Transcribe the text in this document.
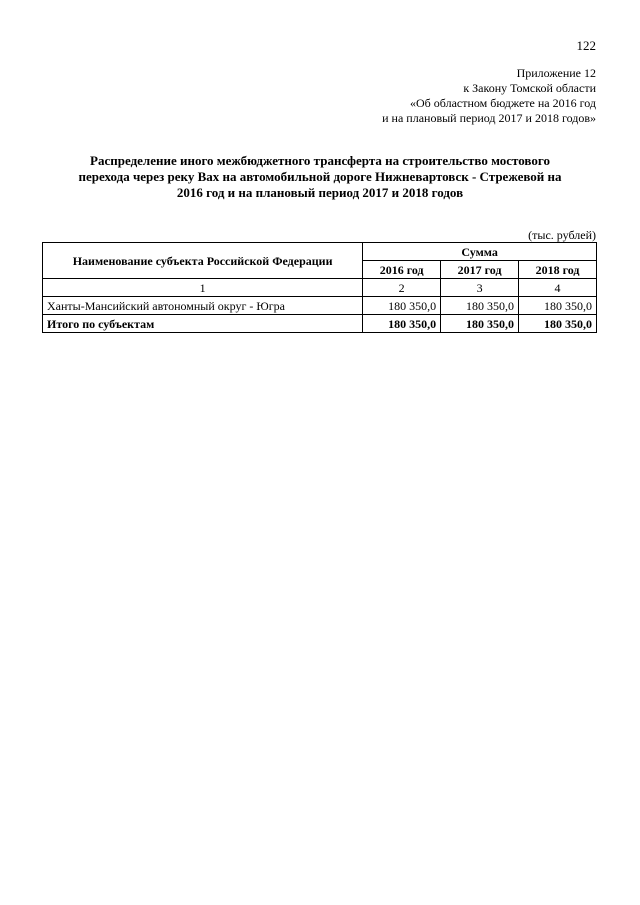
122
Приложение 12
к Закону Томской области
«Об областном бюджете на 2016 год
и на плановый период 2017 и 2018 годов»
Распределение иного межбюджетного трансферта на строительство мостового
перехода через реку Вах на автомобильной дороге Нижневартовск - Стрежевой на
2016 год и на плановый период 2017 и 2018 годов
(тыс. рублей)
Наименование субъекта Российской Федерации	Сумма		
	2016 год	2017 год	2018 год
1	2	3	4
Ханты-Мансийский автономный округ - Югра	180 350,0	180 350,0	180 350,0
Итого по субъектам	180 350,0	180 350,0	180 350,0
